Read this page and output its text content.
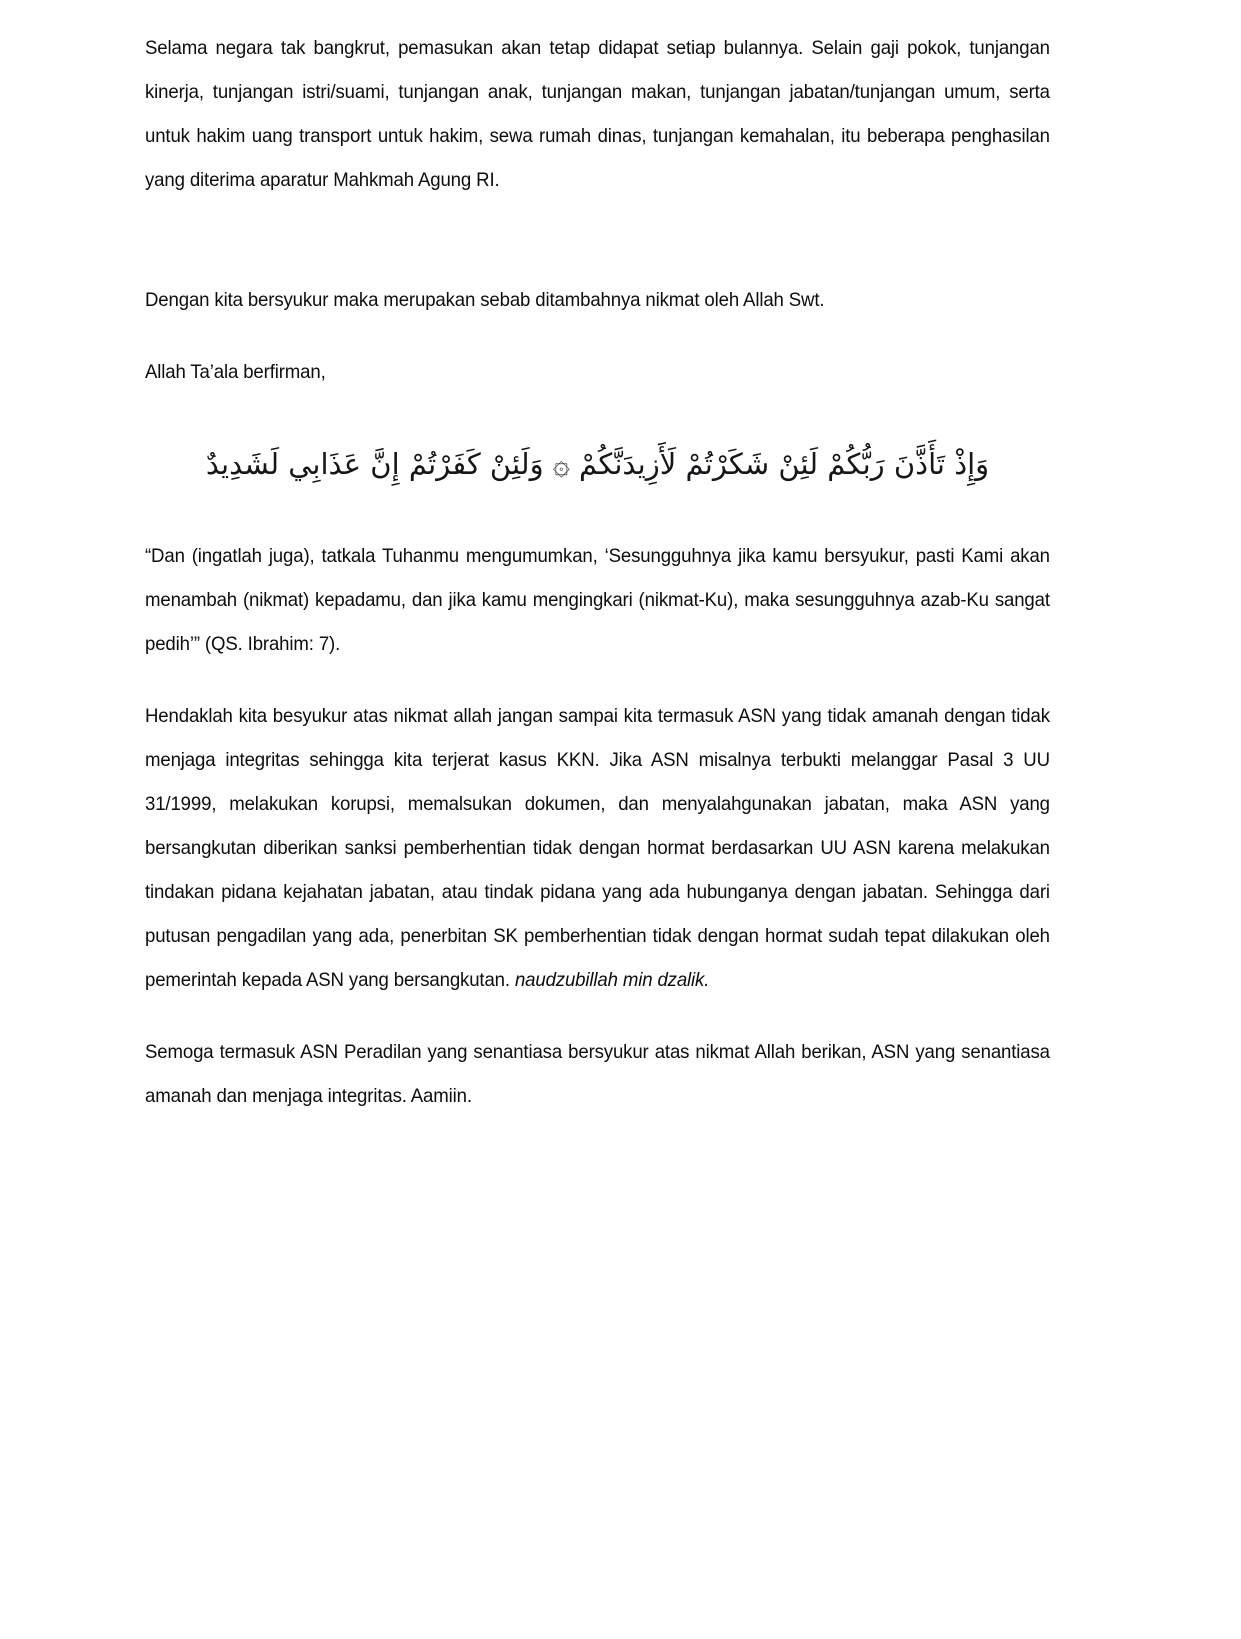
Selama negara tak bangkrut, pemasukan akan tetap didapat setiap bulannya. Selain gaji pokok, tunjangan kinerja, tunjangan istri/suami, tunjangan anak, tunjangan makan, tunjangan jabatan/tunjangan umum, serta untuk hakim uang transport untuk hakim, sewa rumah dinas, tunjangan kemahalan, itu beberapa penghasilan yang diterima aparatur Mahkmah Agung RI.

Dengan kita bersyukur maka merupakan sebab ditambahnya nikmat oleh Allah Swt.

Allah Ta’ala berfirman,

وَإِذْ تَأَذَّنَ رَبُّكُمْ لَئِنْ شَكَرْتُمْ لَأَزِيدَنَّكُمْ ۞ وَلَئِنْ كَفَرْتُمْ إِنَّ عَذَابِي لَشَدِيدٌ

“Dan (ingatlah juga), tatkala Tuhanmu mengumumkan, ‘Sesungguhnya jika kamu bersyukur, pasti Kami akan menambah (nikmat) kepadamu, dan jika kamu mengingkari (nikmat-Ku), maka sesungguhnya azab-Ku sangat pedih’” (QS. Ibrahim: 7).

Hendaklah kita besyukur atas nikmat allah jangan sampai kita termasuk ASN yang tidak amanah dengan tidak menjaga integritas sehingga kita terjerat kasus KKN. Jika ASN misalnya terbukti melanggar Pasal 3 UU 31/1999, melakukan korupsi, memalsukan dokumen, dan menyalahgunakan jabatan, maka ASN yang bersangkutan diberikan sanksi pemberhentian tidak dengan hormat berdasarkan UU ASN karena melakukan tindakan pidana kejahatan jabatan, atau tindak pidana yang ada hubunganya dengan jabatan. Sehingga dari putusan pengadilan yang ada, penerbitan SK pemberhentian tidak dengan hormat sudah tepat dilakukan oleh pemerintah kepada ASN yang bersangkutan. naudzubillah min dzalik.

Semoga termasuk ASN Peradilan yang senantiasa bersyukur atas nikmat Allah berikan, ASN yang senantiasa amanah dan menjaga integritas. Aamiin.
